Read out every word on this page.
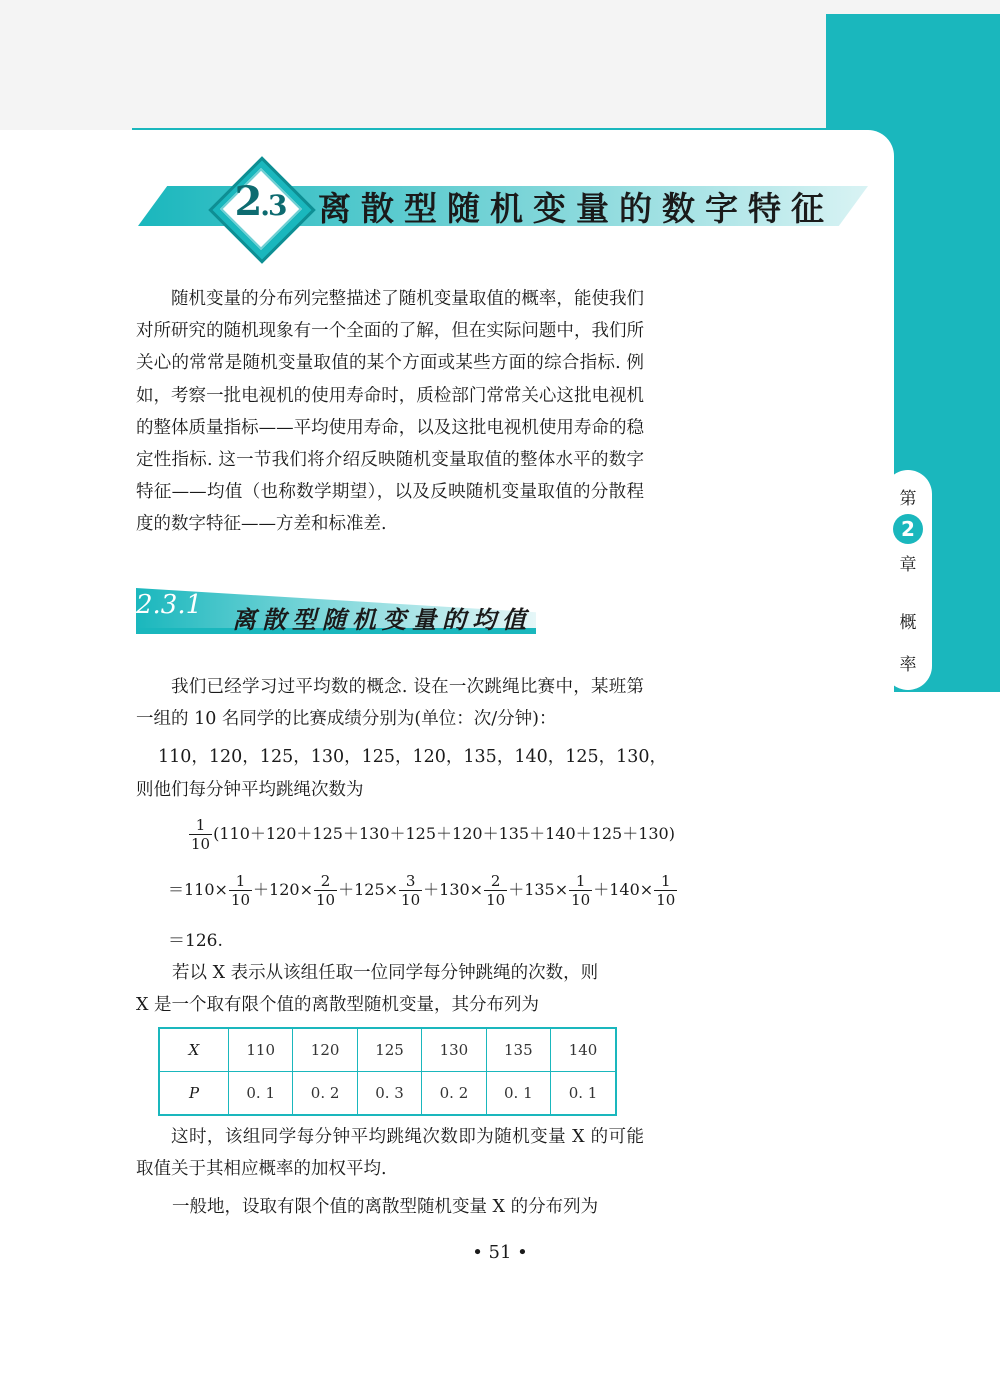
2.3 离散型随机变量的数字特征
随机变量的分布列完整描述了随机变量取值的概率，能使我们对所研究的随机现象有一个全面的了解，但在实际问题中，我们所关心的常常是随机变量取值的某个方面或某些方面的综合指标. 例如，考察一批电视机的使用寿命时，质检部门常常关心这批电视机的整体质量指标——平均使用寿命，以及这批电视机使用寿命的稳定性指标. 这一节我们将介绍反映随机变量取值的整体水平的数字特征——均值（也称数学期望），以及反映随机变量取值的分散程度的数字特征——方差和标准差.
2.3.1 离散型随机变量的均值
我们已经学习过平均数的概念. 设在一次跳绳比赛中，某班第一组的 10 名同学的比赛成绩分别为(单位：次/分钟)：
110，120，125，130，125，120，135，140，125，130，
则他们每分钟平均跳绳次数为
$\frac{1}{10} (110+120+125+130+125+120+135+140+125+130)$
$=110\times \frac{1}{10} +120\times \frac{2}{10} +125\times \frac{3}{10} +130\times \frac{2}{10} +135\times \frac{1}{10} +140\times \frac{1}{10}$
＝126.
若以 X 表示从该组任取一位同学每分钟跳绳的次数，则
X 是一个取有限个值的离散型随机变量，其分布列为
X	110	120	125	130	135	140
P	0. 1	0. 2	0. 3	0. 2	0. 1	0. 1
这时，该组同学每分钟平均跳绳次数即为随机变量 X 的可能取值关于其相应概率的加权平均.
一般地，设取有限个值的离散型随机变量 X 的分布列为
第
2
章
概
率
• 51 •
